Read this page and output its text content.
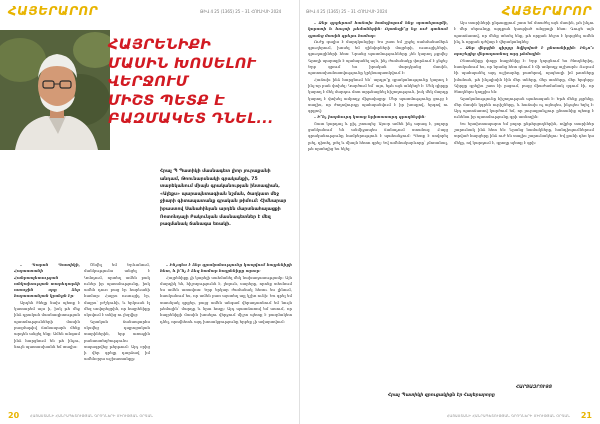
ՀԱՅԵՐԱՐՈՐ	ԹԻՎ 4 25 (1365) 25 – 31 ՀՈՒԼԻՍԻ 2024
ՀԱՅՐԵՆԻՔԻ
ՄԱՍԻՆ ԽՈՍԵԼՈՒ
ՎԵՐՋՈՒՄ
ՄԻՇՏ ՊԵՏՔ Է
ԲԱԶՄԱԿԵՏ ԴՆԵԼ...
Հրաչ Պ Պատիկի մասնագետ լիոր յուրաքանի անդամ, Թոունարսնակի գրականքի, 75 տարեկանում միայն գրականության ինտագիան, «Ալեքս» պարապնտագիան նշման, ծաղկատ մեջ ջիարի գիտապատանք գրական թիմում։ Հիմնարար իբաստով Սանահինյան արդեն մարտնահայացքի Ռոտոնդայի Բակունյան մասնագետներ է մեզ բազմանակ ճանագա եռակի.

– Պարոն Պատիկի, Հայաստանի Հանրապետության անկախության տարեդարձի առաջին օրը ձեր հայաստանյան կյանքն էր։

Արդեն ծնելը նախ պետք է կատարեմ այս ի, իսկ թե մեջ ինձ դրական մասնագիտության պատմությունների մասին բազմաթիվ ճանապարհ մենք արդեն անցել ենք։ Ամեն անգամ ինձ հարցնում են թե ինչու, նույն պատասխանն եմ տալիս։

Ծնվել եմ Երևանում, մանկությունս անցել է Կոնդում, որտեղ ամեն բակ ուներ իր պատմությունը, իսկ ամեն դուռ բաց էր հարևանի համար։ Հայրս ուսուցիչ էր, մայրս՝ բժշկուհի, և երկուսն էլ մեզ սովորեցրին, որ հայրենիքը սկսվում է տնից ու լեզվից։

Գրական ճանապարհս սկսվեց դպրոցական տարիներին, երբ առաջին բանաստեղծությունս տպագրվեց թերթում։ Այդ օրից ի վեր գրելը դարձավ իմ ամենօրյա աշխատանքը։

– Ինչպես է ձեր գրականությունը կապվում հայրենիքի հետ, և ի՞նչ է ձեզ համար հայրենիքը այսօր։

Հայրենիքը չի կարելի սահմանել մեկ նախադասությամբ։ Այն մարդիկ են, հիշողությունն է, լեզուն, սարերը, որոնք տեսնում ես ամեն առավոտ։ Երբ երկար ժամանակ հեռու ես լինում, հասկանում ես, որ ամեն բառ այստեղ այլ կշիռ ունի։ Ես գրել եմ տասնյակ գրքեր, բայց ամեն անգամ վերադառնում եմ նույն թեմային՝ մարդը և նրա հողը։ Այդ պատճառով եմ ասում, որ հայրենիքի մասին խոսելու վերջում միշտ պետք է բազմակետ դնել, որովհետև այդ խոսակցությունը երբեք չի ավարտվում։

20	ՀԱՅԱՍՏԱՆԻ ՀԱՆՐԱՊԵՏՈՒԹՅԱՆ ԳՐՈՂՆԵՐԻ ՄԻՈՒԹՅԱՆ ՕՐԳԱՆ
ԹԻՎ 4 25 (1365) 25 – 31 ՀՈՒԼԻՍԻ 2024	ՀԱՅԵՐԱՐՈՐ

– Ձեր գրքերում հաճախ հանդիպում ենք պատերազմի, կորստի և հույսի թեմաներին։ Որտեղի՞ց եք ուժ գտնում դրանց մասին գրելու համար։

Ուժը գալիս է մարդկանցից։ Ես շատ եմ շրջել սահմանամերձ գյուղերում, խոսել եմ զինվորների մայրերի, ուսուցիչների, գյուղացիների հետ։ Նրանց պատմությունները չեն կարող չգրվել։ Գրողի պարտքն է պահպանել այն, ինչ ժամանակը փորձում է ջնջել։ Երբ գրում ես իրական մարդկանց մասին, պատասխանատվությունը կրկնապատկվում է։

Հաճախ ինձ հարցնում են՝ արդյո՞ք գրականությունը կարող է ինչ-որ բան փոխել։ Կարծում եմ՝ այո, եթե այն անկեղծ է։ Մեկ գիրքը կարող է մեկ մարդու մոտ արթնացնել հիշողություն, իսկ մեկ մարդը կարող է փոխել ամբողջ միջավայրը։ Մեր պատմությունը ցույց է տալիս, որ ժողովուրդը պահպանվում է իր խոսքով, երգով ու գրքով։

– Ի՞նչ խորհուրդ կտաք երիտասարդ գրողներին։

Շատ կարդալ և քիչ շտապել։ Այսօր ամեն ինչ արագ է, բոլորը ցանկանում են անմիջապես ճանաչում ստանալ։ Բայց գրականությունը համբերություն է պահանջում։ Պետք է սովորել լսել, դիտել, լռել և միայն հետո գրել։ Եվ ամենակարևորը՝ չմոռանալ, թե որտեղից ես եկել։

Այս տարիների ընթացքում շատ եմ մտածել այն մասին, թե ինչու է մեր սերունդը այդքան կապված անցյալի հետ։ Գուցե այն պատճառով, որ մենք տեսել ենք, թե որքան հեշտ է կորցնել ամեն ինչ և որքան դժվար է վերականգնել։

– Ձեր վերջին գիրքը նվիրված է ընտանիքին։ Ինչո՞ւ որոշեցիք վերադառնալ այդ թեմային։

Ընտանիքը փոքր հայրենիք է։ Երբ կորցնում ես ծնողներիդ, հասկանում ես, որ նրանց հետ գնում է մի ամբողջ աշխարհ։ Ուզում էի պահպանել այդ աշխարհը բառերով, որպեսզի իմ թոռները իմանան, թե ինչպիսին էին մեր տները, մեր տոները, մեր երգերը։ Գիրքը գրելիս շատ էի լացում, բայց միաժամանակ զգում էի, որ ծնողներս կողքիս են։

Գրականությունը հիշողության պահապան է։ Եթե մենք չգրենք, մեր մասին կգրեն ուրիշները, և հաճախ ոչ այնպես, ինչպես եղել է։ Այդ պատճառով կարծում եմ, որ յուրաքանչյուր ընտանիք պետք է ունենա իր պատմությունը գրի առնողին։

Ես երախտապարտ եմ բոլոր ընթերցողներին, ովքեր տարիներ շարունակ ինձ հետ են։ Նրանց նամակները, հանդիպումներում տրված հարցերը ինձ ուժ են տալիս շարունակելու։ Եվ քանի դեռ կա մեկը, ով կարդում է, գրողը պետք է գրի։

ՀԱՅԱՍՏԱՆԻ ՀԱՆՐԱՊԵՏՈՒԹՅԱՆ ԳՐՈՂՆԵՐԻ ՄԻՈՒԹՅԱՆ ՕՐԳԱՆ 21
ՀԱՐՑԱԶՐՈՒՅՑ
Հրաչ Պատիկի զրուցակիցն էր Հայերարորը
